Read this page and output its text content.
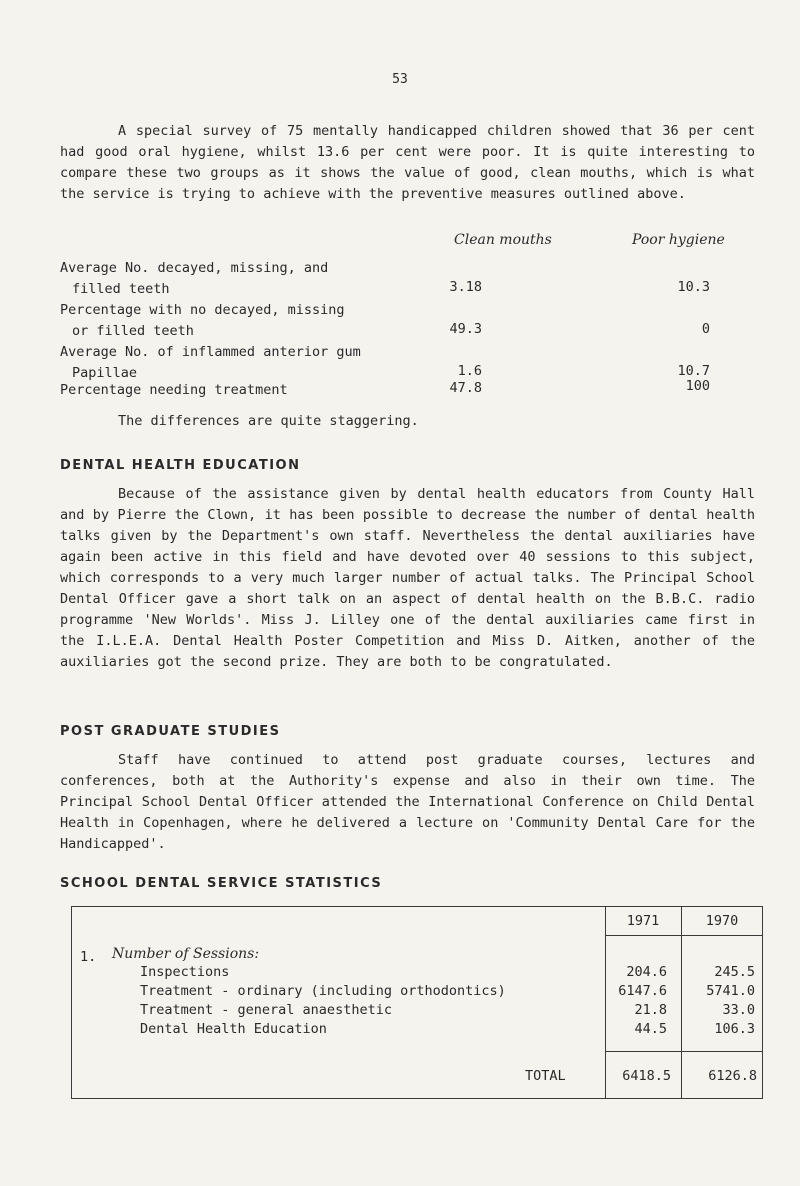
53
A special survey of 75 mentally handicapped children showed that 36 per cent had good oral hygiene, whilst 13.6 per cent were poor. It is quite interesting to compare these two groups as it shows the value of good, clean mouths, which is what the service is trying to achieve with the preventive measures outlined above.
Clean mouths	Poor hygiene
Average No. decayed, missing, and
filled teeth	3.18	10.3
Percentage with no decayed, missing
or filled teeth	49.3	0
Average No. of inflammed anterior gum
Papillae	1.6	10.7
Percentage needing treatment	47.8	100
The differences are quite staggering.
DENTAL HEALTH EDUCATION
Because of the assistance given by dental health educators from County Hall and by Pierre the Clown, it has been possible to decrease the number of dental health talks given by the Department's own staff. Nevertheless the dental auxiliaries have again been active in this field and have devoted over 40 sessions to this subject, which corresponds to a very much larger number of actual talks. The Principal School Dental Officer gave a short talk on an aspect of dental health on the B.B.C. radio programme 'New Worlds'. Miss J. Lilley one of the dental auxiliaries came first in the I.L.E.A. Dental Health Poster Competition and Miss D. Aitken, another of the auxiliaries got the second prize. They are both to be congratulated.
POST GRADUATE STUDIES
Staff have continued to attend post graduate courses, lectures and conferences, both at the Authority's expense and also in their own time. The Principal School Dental Officer attended the International Conference on Child Dental Health in Copenhagen, where he delivered a lecture on 'Community Dental Care for the Handicapped'.
SCHOOL DENTAL SERVICE STATISTICS
1971	1970
1. Number of Sessions:
Inspections	204.6	245.5
Treatment - ordinary (including orthodontics)	6147.6	5741.0
Treatment - general anaesthetic	21.8	33.0
Dental Health Education	44.5	106.3
TOTAL	6418.5	6126.8
